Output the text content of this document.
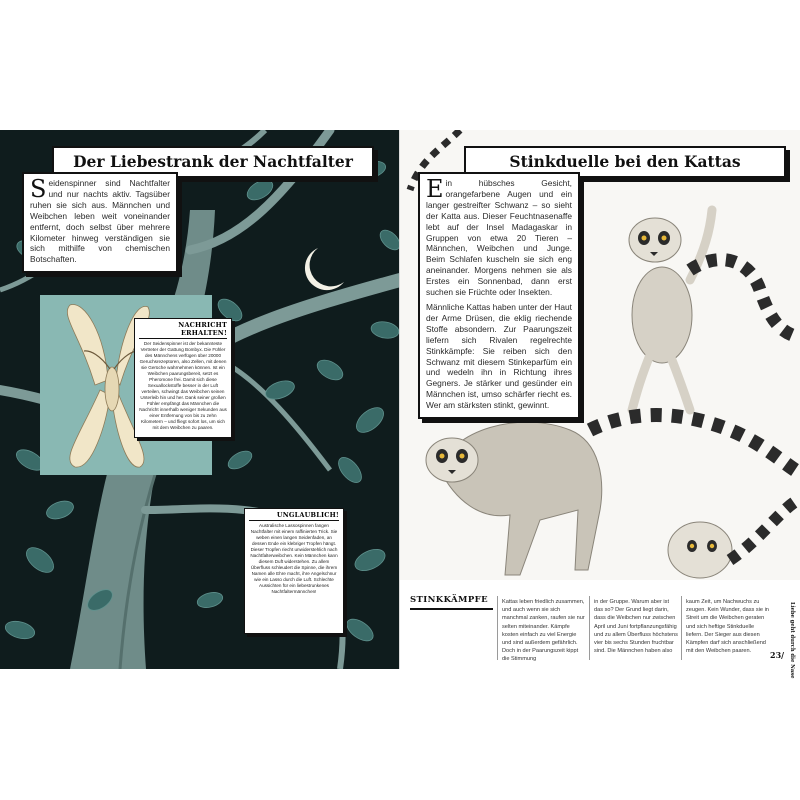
Der Liebestrank der Nachtfalter

Seidenspinner sind Nachtfalter und nur nachts aktiv. Tagsüber ruhen sie sich aus. Männchen und Weibchen leben weit voneinander entfernt, doch selbst über mehrere Kilometer hinweg verständigen sie sich mithilfe von chemischen Botschaften.

NACHRICHT ERHALTEN!
Der Seidenspinner ist der bekannteste Vertreter der Gattung Bombyx. Die Fühler des Männchens verfügen über 20000 Geruchsrezeptoren, also Zellen, mit denen sie Gerüche wahrnehmen können. Ist ein Weibchen paarungsbereit, setzt es Pheromone frei. Damit sich diese Sexuallockstoffe besser in der Luft verteilen, schwingt das Weibchen seinen Unterleib hin und her. Dank seiner großen Fühler empfängt das Männchen die Nachricht innerhalb weniger Sekunden aus einer Entfernung von bis zu zehn Kilometern – und fliegt sofort los, um sich mit dem Weibchen zu paaren.
UNGLAUBLICH!
Australische Lassospinnen fangen Nachtfalter mit einem raffinierten Trick. Sie weben einen langen Seidenfaden, an dessen Ende ein klebriger Tropfen hängt. Dieser Tropfen riecht unwiderstehlich nach Nachtfalterweibchen. Kein Männchen kann diesem Duft widerstehen. Zu allem Überfluss schleudert die Spinne, die ihrem Namen alle Ehre macht, ihre Angelschnur wie ein Lasso durch die Luft. Schlechte Aussichten für ein liebestrunkenes Nachtfaltermännchen!
Stinkduelle bei den Kattas

Ein hübsches Gesicht, orangefarbene Augen und ein langer gestreifter Schwanz – so sieht der Katta aus. Dieser Feuchtnasenaffe lebt auf der Insel Madagaskar in Gruppen von etwa 20 Tieren – Männchen, Weibchen und Junge. Beim Schlafen kuscheln sie sich eng aneinander. Morgens nehmen sie als Erstes ein Sonnenbad, dann erst suchen sie Früchte oder Insekten.

Männliche Kattas haben unter der Haut der Arme Drüsen, die eklig riechende Stoffe absondern. Zur Paarungszeit liefern sich Rivalen regelrechte Stinkkämpfe: Sie reiben sich den Schwanz mit diesem Stinkeparfüm ein und wedeln ihn in Richtung ihres Gegners. Je stärker und gesünder ein Männchen ist, umso schärfer riecht es. Wer am stärksten stinkt, gewinnt.

STINKKÄMPFE	Kattas leben friedlich zusammen, und auch wenn sie sich manchmal zanken, raufen sie nur selten miteinander. Kämpfe kosten einfach zu viel Energie und sind außerdem gefährlich. Doch in der Paarungszeit kippt die Stimmung
in der Gruppe. Warum aber ist das so? Der Grund liegt darin, dass die Weibchen nur zwischen April und Juni fortpflanzungsfähig und zu allem Überfluss höchstens vier bis sechs Stunden fruchtbar sind. Die Männchen haben also
kaum Zeit, um Nachwuchs zu zeugen. Kein Wunder, dass sie in Streit um die Weibchen geraten und sich heftige Stinkduelle liefern. Der Sieger aus diesen Kämpfen darf sich anschließend mit den Weibchen paaren.	Liebe geht durch die Nase
23/
